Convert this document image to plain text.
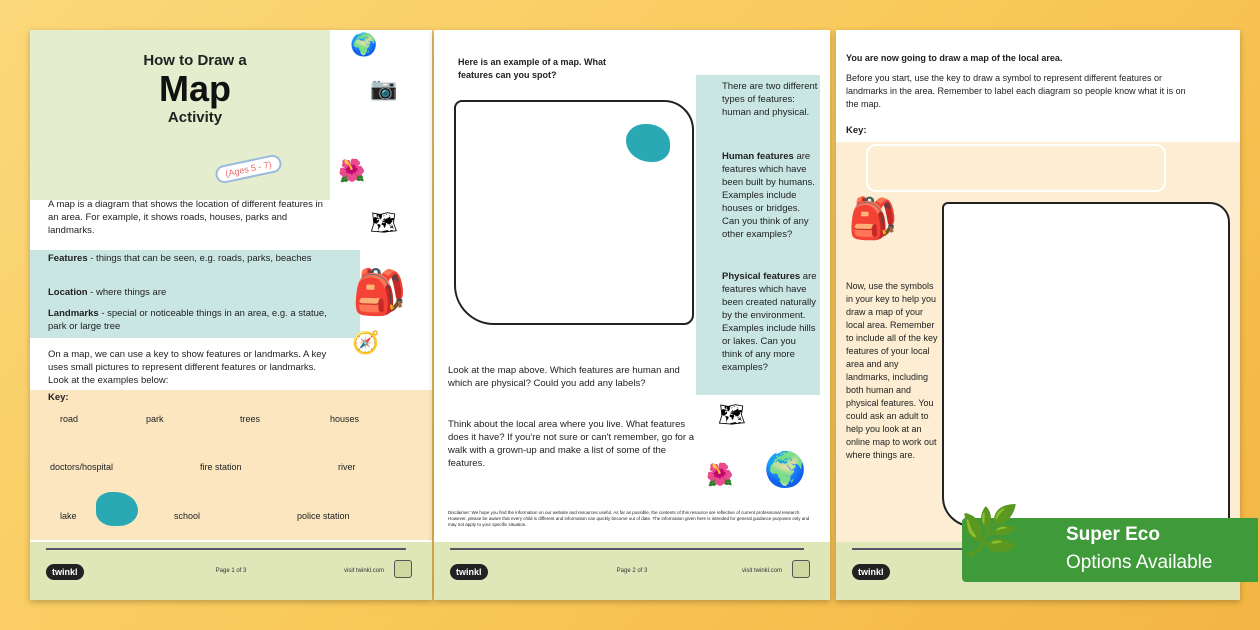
How to Draw a
Map
Activity
(Ages 5 - 7)
🌍
📷
🌺
🗺
🎒
🧭
A map is a diagram that shows the location of different features in an area. For example, it shows roads, houses, parks and landmarks.
Features - things that can be seen, e.g. roads, parks, beaches
Location - where things are
Landmarks - special or noticeable things in an area, e.g. a statue, park or large tree
On a map, we can use a key to show features or landmarks. A key uses small pictures to represent different features or landmarks. Look at the examples below:
Key:
road	park	trees	houses
doctors/hospital	fire station	river
lake	school	police station
twinkl	Page 1 of 3	visit twinkl.com
Here is an example of a map. What features can you spot?
There are two different types of features: human and physical.
Human features are features which have been built by humans. Examples include houses or bridges. Can you think of any other examples?
Physical features are features which have been created naturally by the environment. Examples include hills or lakes. Can you think of any more examples?
Look at the map above. Which features are human and which are physical? Could you add any labels?
Think about the local area where you live. What features does it have? If you're not sure or can't remember, go for a walk with a grown-up and make a list of some of the features.
🗺
🌺 🌍
Disclaimer: We hope you find the information on our website and resources useful. As far as possible, the contents of this resource are reflective of current professional research. However, please be aware that every child is different and information can quickly become out of date. The information given here is intended for general guidance purposes only and may not apply to your specific situation.
twinkl	Page 2 of 3	visit twinkl.com
You are now going to draw a map of the local area.
Before you start, use the key to draw a symbol to represent different features or landmarks in the area. Remember to label each diagram so people know what it is on the map.
Key:
🎒
Now, use the symbols in your key to help you draw a map of your local area. Remember to include all of the key features of your local area and any landmarks, including both human and physical features. You could ask an adult to help you look at an online map to work out where things are.
twinkl
🌿 Super Eco
Options Available
